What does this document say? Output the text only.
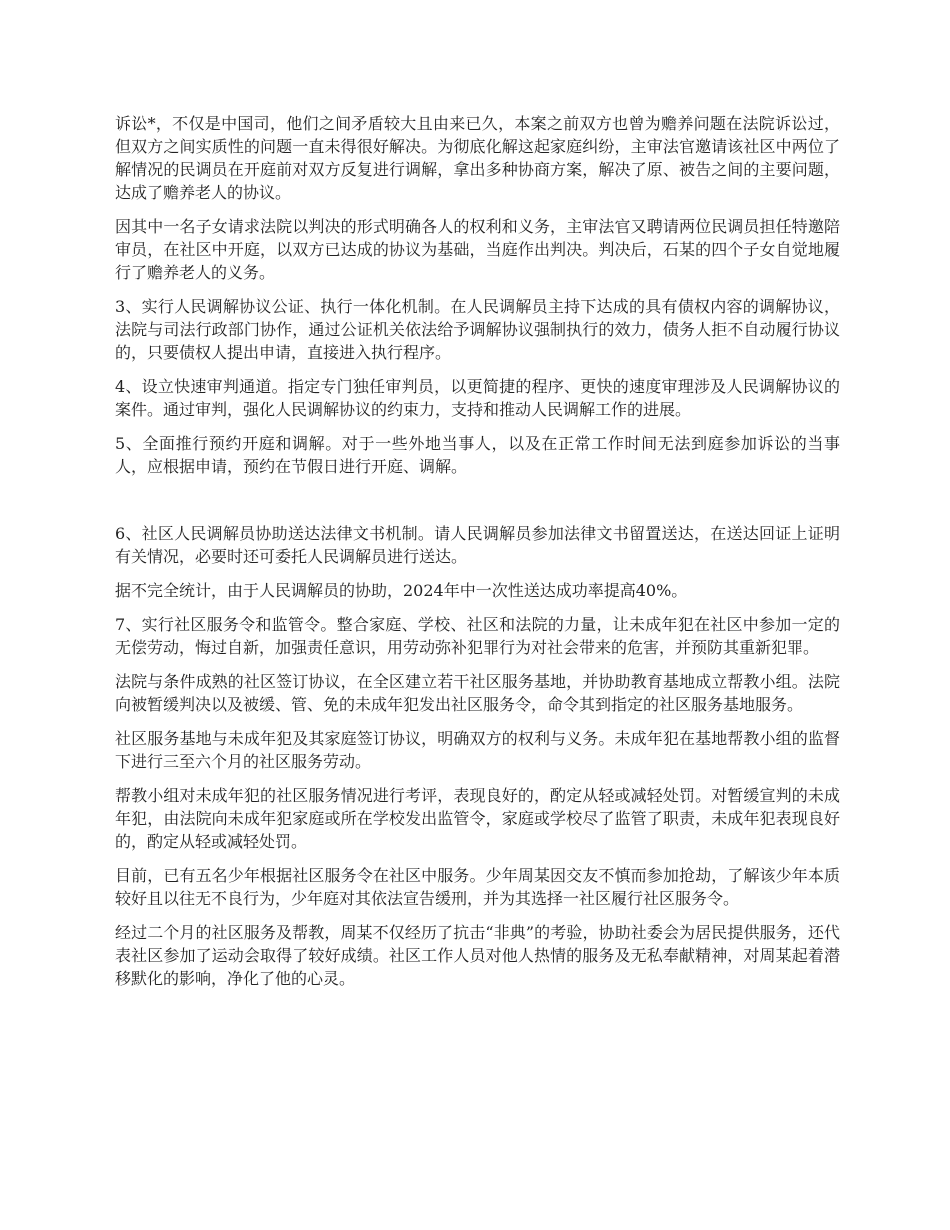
诉讼*，不仅是中国司，他们之间矛盾较大且由来已久，本案之前双方也曾为赡养问题在法院诉讼过，但双方之间实质性的问题一直未得很好解决。为彻底化解这起家庭纠纷，主审法官邀请该社区中两位了解情况的民调员在开庭前对双方反复进行调解，拿出多种协商方案，解决了原、被告之间的主要问题，达成了赡养老人的协议。

因其中一名子女请求法院以判决的形式明确各人的权利和义务，主审法官又聘请两位民调员担任特邀陪审员，在社区中开庭，以双方已达成的协议为基础，当庭作出判决。判决后，石某的四个子女自觉地履行了赡养老人的义务。

3、实行人民调解协议公证、执行一体化机制。在人民调解员主持下达成的具有债权内容的调解协议，法院与司法行政部门协作，通过公证机关依法给予调解协议强制执行的效力，债务人拒不自动履行协议的，只要债权人提出申请，直接进入执行程序。

4、设立快速审判通道。指定专门独任审判员，以更简捷的程序、更快的速度审理涉及人民调解协议的案件。通过审判，强化人民调解协议的约束力，支持和推动人民调解工作的进展。

5、全面推行预约开庭和调解。对于一些外地当事人，以及在正常工作时间无法到庭参加诉讼的当事人，应根据申请，预约在节假日进行开庭、调解。

6、社区人民调解员协助送达法律文书机制。请人民调解员参加法律文书留置送达，在送达回证上证明有关情况，必要时还可委托人民调解员进行送达。

据不完全统计，由于人民调解员的协助，2024年中一次性送达成功率提高40%。

7、实行社区服务令和监管令。整合家庭、学校、社区和法院的力量，让未成年犯在社区中参加一定的无偿劳动，悔过自新，加强责任意识，用劳动弥补犯罪行为对社会带来的危害，并预防其重新犯罪。

法院与条件成熟的社区签订协议，在全区建立若干社区服务基地，并协助教育基地成立帮教小组。法院向被暂缓判决以及被缓、管、免的未成年犯发出社区服务令，命令其到指定的社区服务基地服务。

社区服务基地与未成年犯及其家庭签订协议，明确双方的权利与义务。未成年犯在基地帮教小组的监督下进行三至六个月的社区服务劳动。

帮教小组对未成年犯的社区服务情况进行考评，表现良好的，酌定从轻或减轻处罚。对暂缓宣判的未成年犯，由法院向未成年犯家庭或所在学校发出监管令，家庭或学校尽了监管了职责，未成年犯表现良好的，酌定从轻或减轻处罚。

目前，已有五名少年根据社区服务令在社区中服务。少年周某因交友不慎而参加抢劫，了解该少年本质较好且以往无不良行为，少年庭对其依法宣告缓刑，并为其选择一社区履行社区服务令。

经过二个月的社区服务及帮教，周某不仅经历了抗击“非典”的考验，协助社委会为居民提供服务，还代表社区参加了运动会取得了较好成绩。社区工作人员对他人热情的服务及无私奉献精神，对周某起着潜移默化的影响，净化了他的心灵。
